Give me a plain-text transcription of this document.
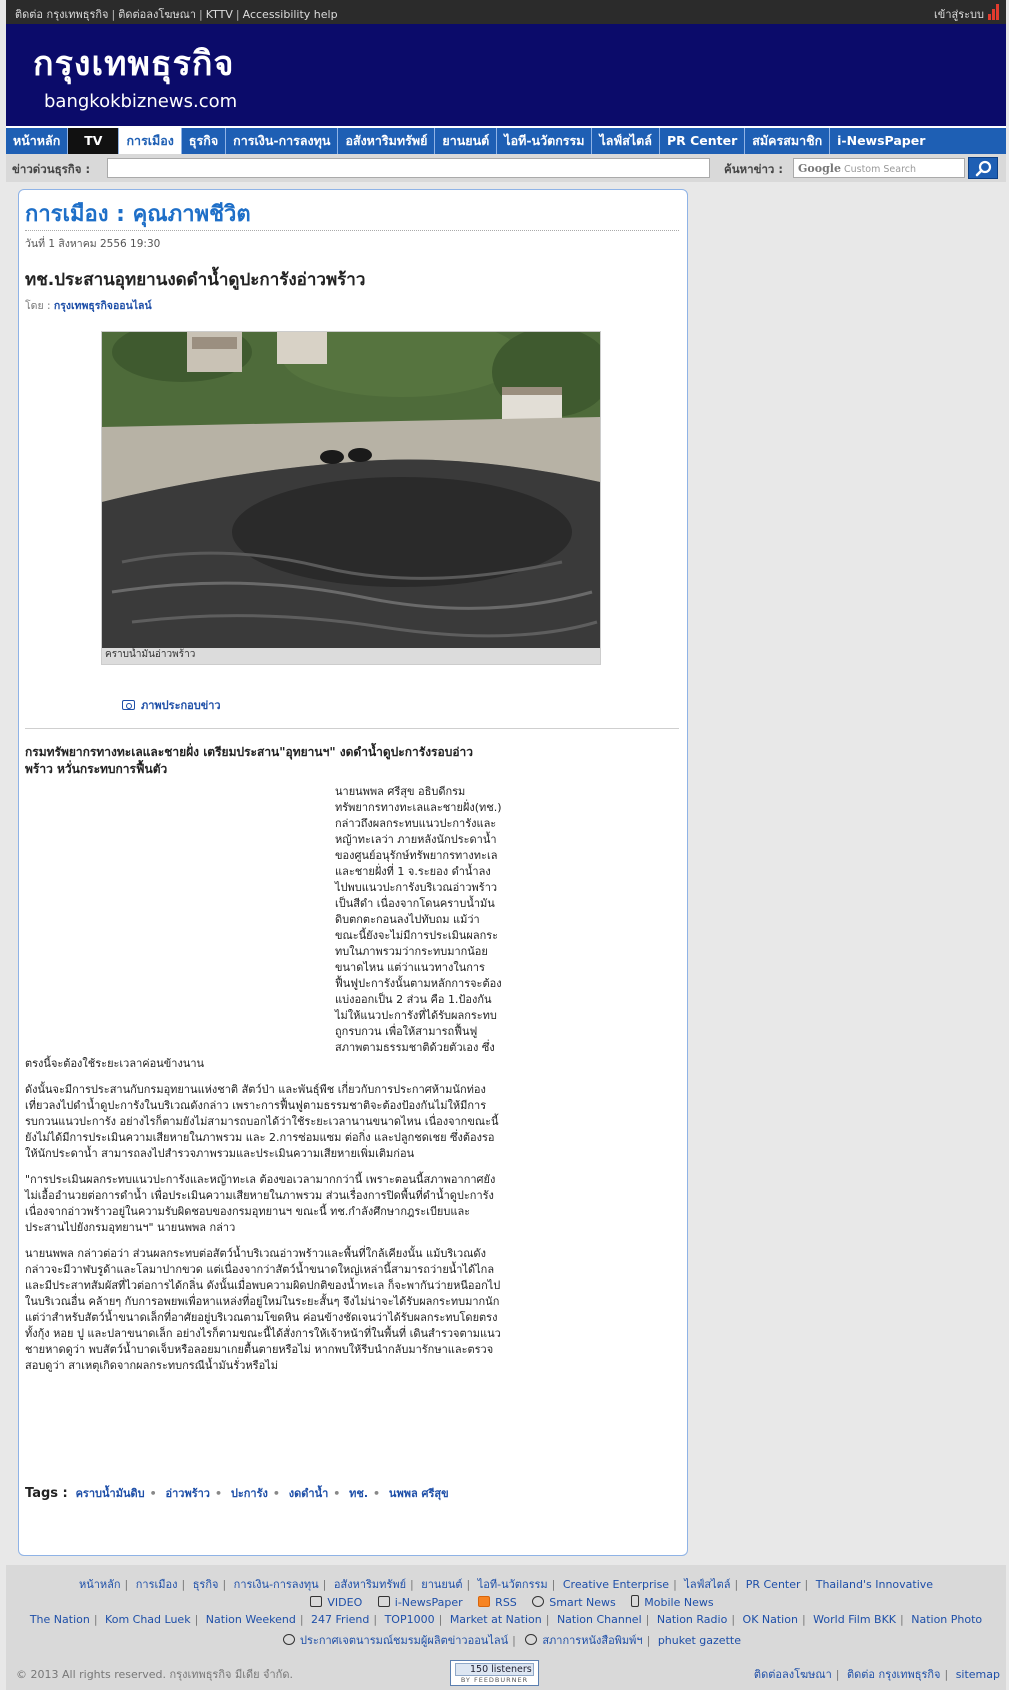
ติดต่อ กรุงเทพธุรกิจ | ติดต่อลงโฆษณา | KTTV | Accessibility help	เข้าสู่ระบบ
กรุงเทพธุรกิจ
bangkokbiznews.com
หน้าหลัก	TV	การเมือง	ธุรกิจ	การเงิน-การลงทุน	อสังหาริมทรัพย์	ยานยนต์	ไอที-นวัตกรรม	ไลฟ์สไตล์	PR Center	สมัครสมาชิก	i-NewsPaper
ข่าวด่วนธุรกิจ :	ค้นหาข่าว :	Google Custom Search
การเมือง : คุณภาพชีวิต
วันที่ 1 สิงหาคม 2556 19:30
ทช.ประสานอุทยานงดดำน้ำดูปะการังอ่าวพร้าว
โดย : กรุงเทพธุรกิจออนไลน์
คราบน้ำมันอ่าวพร้าว
ภาพประกอบข่าว
กรมทรัพยากรทางทะเลและชายฝั่ง เตรียมประสาน"อุทยานฯ" งดดำน้ำดูปะการังรอบอ่าวพร้าว หวั่นกระทบการฟื้นตัว

นายนพพล ศรีสุข อธิบดีกรมทรัพยากรทางทะเลและชายฝั่ง(ทช.) กล่าวถึงผลกระทบแนวปะการังและหญ้าทะเลว่า ภายหลังนักประดาน้ำของศูนย์อนุรักษ์ทรัพยากรทางทะเลและชายฝั่งที่ 1 จ.ระยอง ดำน้ำลงไปพบแนวปะการังบริเวณอ่าวพร้าวเป็นสีดำ เนื่องจากโดนคราบน้ำมันดิบตกตะกอนลงไปทับถม แม้ว่าขณะนี้ยังจะไม่มีการประเมินผลกระทบในภาพรวมว่ากระทบมากน้อยขนาดไหน แต่ว่าแนวทางในการฟื้นฟูปะการังนั้นตามหลักการจะต้องแบ่งออกเป็น 2 ส่วน คือ 1.ป้องกันไม่ให้แนวปะการังที่ได้รับผลกระทบถูกรบกวน เพื่อให้สามารถฟื้นฟูสภาพตามธรรมชาติด้วยตัวเอง ซึ่งตรงนี้จะต้องใช้ระยะเวลาค่อนข้างนาน

ดังนั้นจะมีการประสานกับกรมอุทยานแห่งชาติ สัตว์ป่า และพันธุ์พืช เกี่ยวกับการประกาศห้ามนักท่องเที่ยวลงไปดำน้ำดูปะการังในบริเวณดังกล่าว เพราะการฟื้นฟูตามธรรมชาติจะต้องป้องกันไม่ให้มีการรบกวนแนวปะการัง อย่างไรก็ตามยังไม่สามารถบอกได้ว่าใช้ระยะเวลานานขนาดไหน เนื่องจากขณะนี้ยังไม่ได้มีการประเมินความเสียหายในภาพรวม และ 2.การซ่อมแซม ต่อกิ่ง และปลูกชดเชย ซึ่งต้องรอให้นักประดาน้ำ สามารถลงไปสำรวจภาพรวมและประเมินความเสียหายเพิ่มเติมก่อน

"การประเมินผลกระทบแนวปะการังและหญ้าทะเล ต้องขอเวลามากกว่านี้ เพราะตอนนี้สภาพอากาศยังไม่เอื้ออำนวยต่อการดำน้ำ เพื่อประเมินความเสียหายในภาพรวม ส่วนเรื่องการปิดพื้นที่ดำน้ำดูปะการัง เนื่องจากอ่าวพร้าวอยู่ในความรับผิดชอบของกรมอุทยานฯ ขณะนี้ ทช.กำลังศึกษากฎระเบียบและประสานไปยังกรมอุทยานฯ" นายนพพล กล่าว

นายนพพล กล่าวต่อว่า ส่วนผลกระทบต่อสัตว์น้ำบริเวณอ่าวพร้าวและพื้นที่ใกล้เคียงนั้น แม้บริเวณดังกล่าวจะมีวาฬบรูด้าและโลมาปากขวด แต่เนื่องจากว่าสัตว์น้ำขนาดใหญ่เหล่านี้สามารถว่ายน้ำได้ไกลและมีประสาทสัมผัสที่ไวต่อการได้กลิ่น ดังนั้นเมื่อพบความผิดปกติของน้ำทะเล ก็จะพากันว่ายหนีออกไปในบริเวณอื่น คล้ายๆ กับการอพยพเพื่อหาแหล่งที่อยู่ใหม่ในระยะสั้นๆ จึงไม่น่าจะได้รับผลกระทบมากนัก แต่ว่าสำหรับสัตว์น้ำขนาดเล็กที่อาศัยอยู่บริเวณตามโขดหิน ค่อนข้างชัดเจนว่าได้รับผลกระทบโดยตรง ทั้งกุ้ง หอย ปู และปลาขนาดเล็ก อย่างไรก็ตามขณะนี้ได้สั่งการให้เจ้าหน้าที่ในพื้นที่ เดินสำรวจตามแนวชายหาดดูว่า พบสัตว์น้ำบาดเจ็บหรือลอยมาเกยตื้นตายหรือไม่ หากพบให้รีบนำกลับมารักษาและตรวจสอบดูว่า สาเหตุเกิดจากผลกระทบกรณีน้ำมันรั่วหรือไม่

Tags : คราบน้ำมันดิบ • อ่าวพร้าว • ปะการัง • งดดำน้ำ • ทช. • นพพล ศรีสุข
หน้าหลัก | การเมือง | ธุรกิจ | การเงิน-การลงทุน | อสังหาริมทรัพย์ | ยานยนต์ | ไอที-นวัตกรรม | Creative Enterprise | ไลฟ์สไตล์ | PR Center | Thailand's Innovative
VIDEO	i-NewsPaper	RSS	Smart News	Mobile News
The Nation | Kom Chad Luek | Nation Weekend | 247 Friend | TOP1000 | Market at Nation | Nation Channel | Nation Radio | OK Nation | World Film BKK | Nation Photo
ประกาศเจตนารมณ์ชมรมผู้ผลิตข่าวออนไลน์ | สภาการหนังสือพิมพ์ฯ | phuket gazette
© 2013 All rights reserved. กรุงเทพธุรกิจ มีเดีย จำกัด.	150 listeners
BY FEEDBURNER	ติดต่อลงโฆษณา | ติดต่อ กรุงเทพธุรกิจ | sitemap
